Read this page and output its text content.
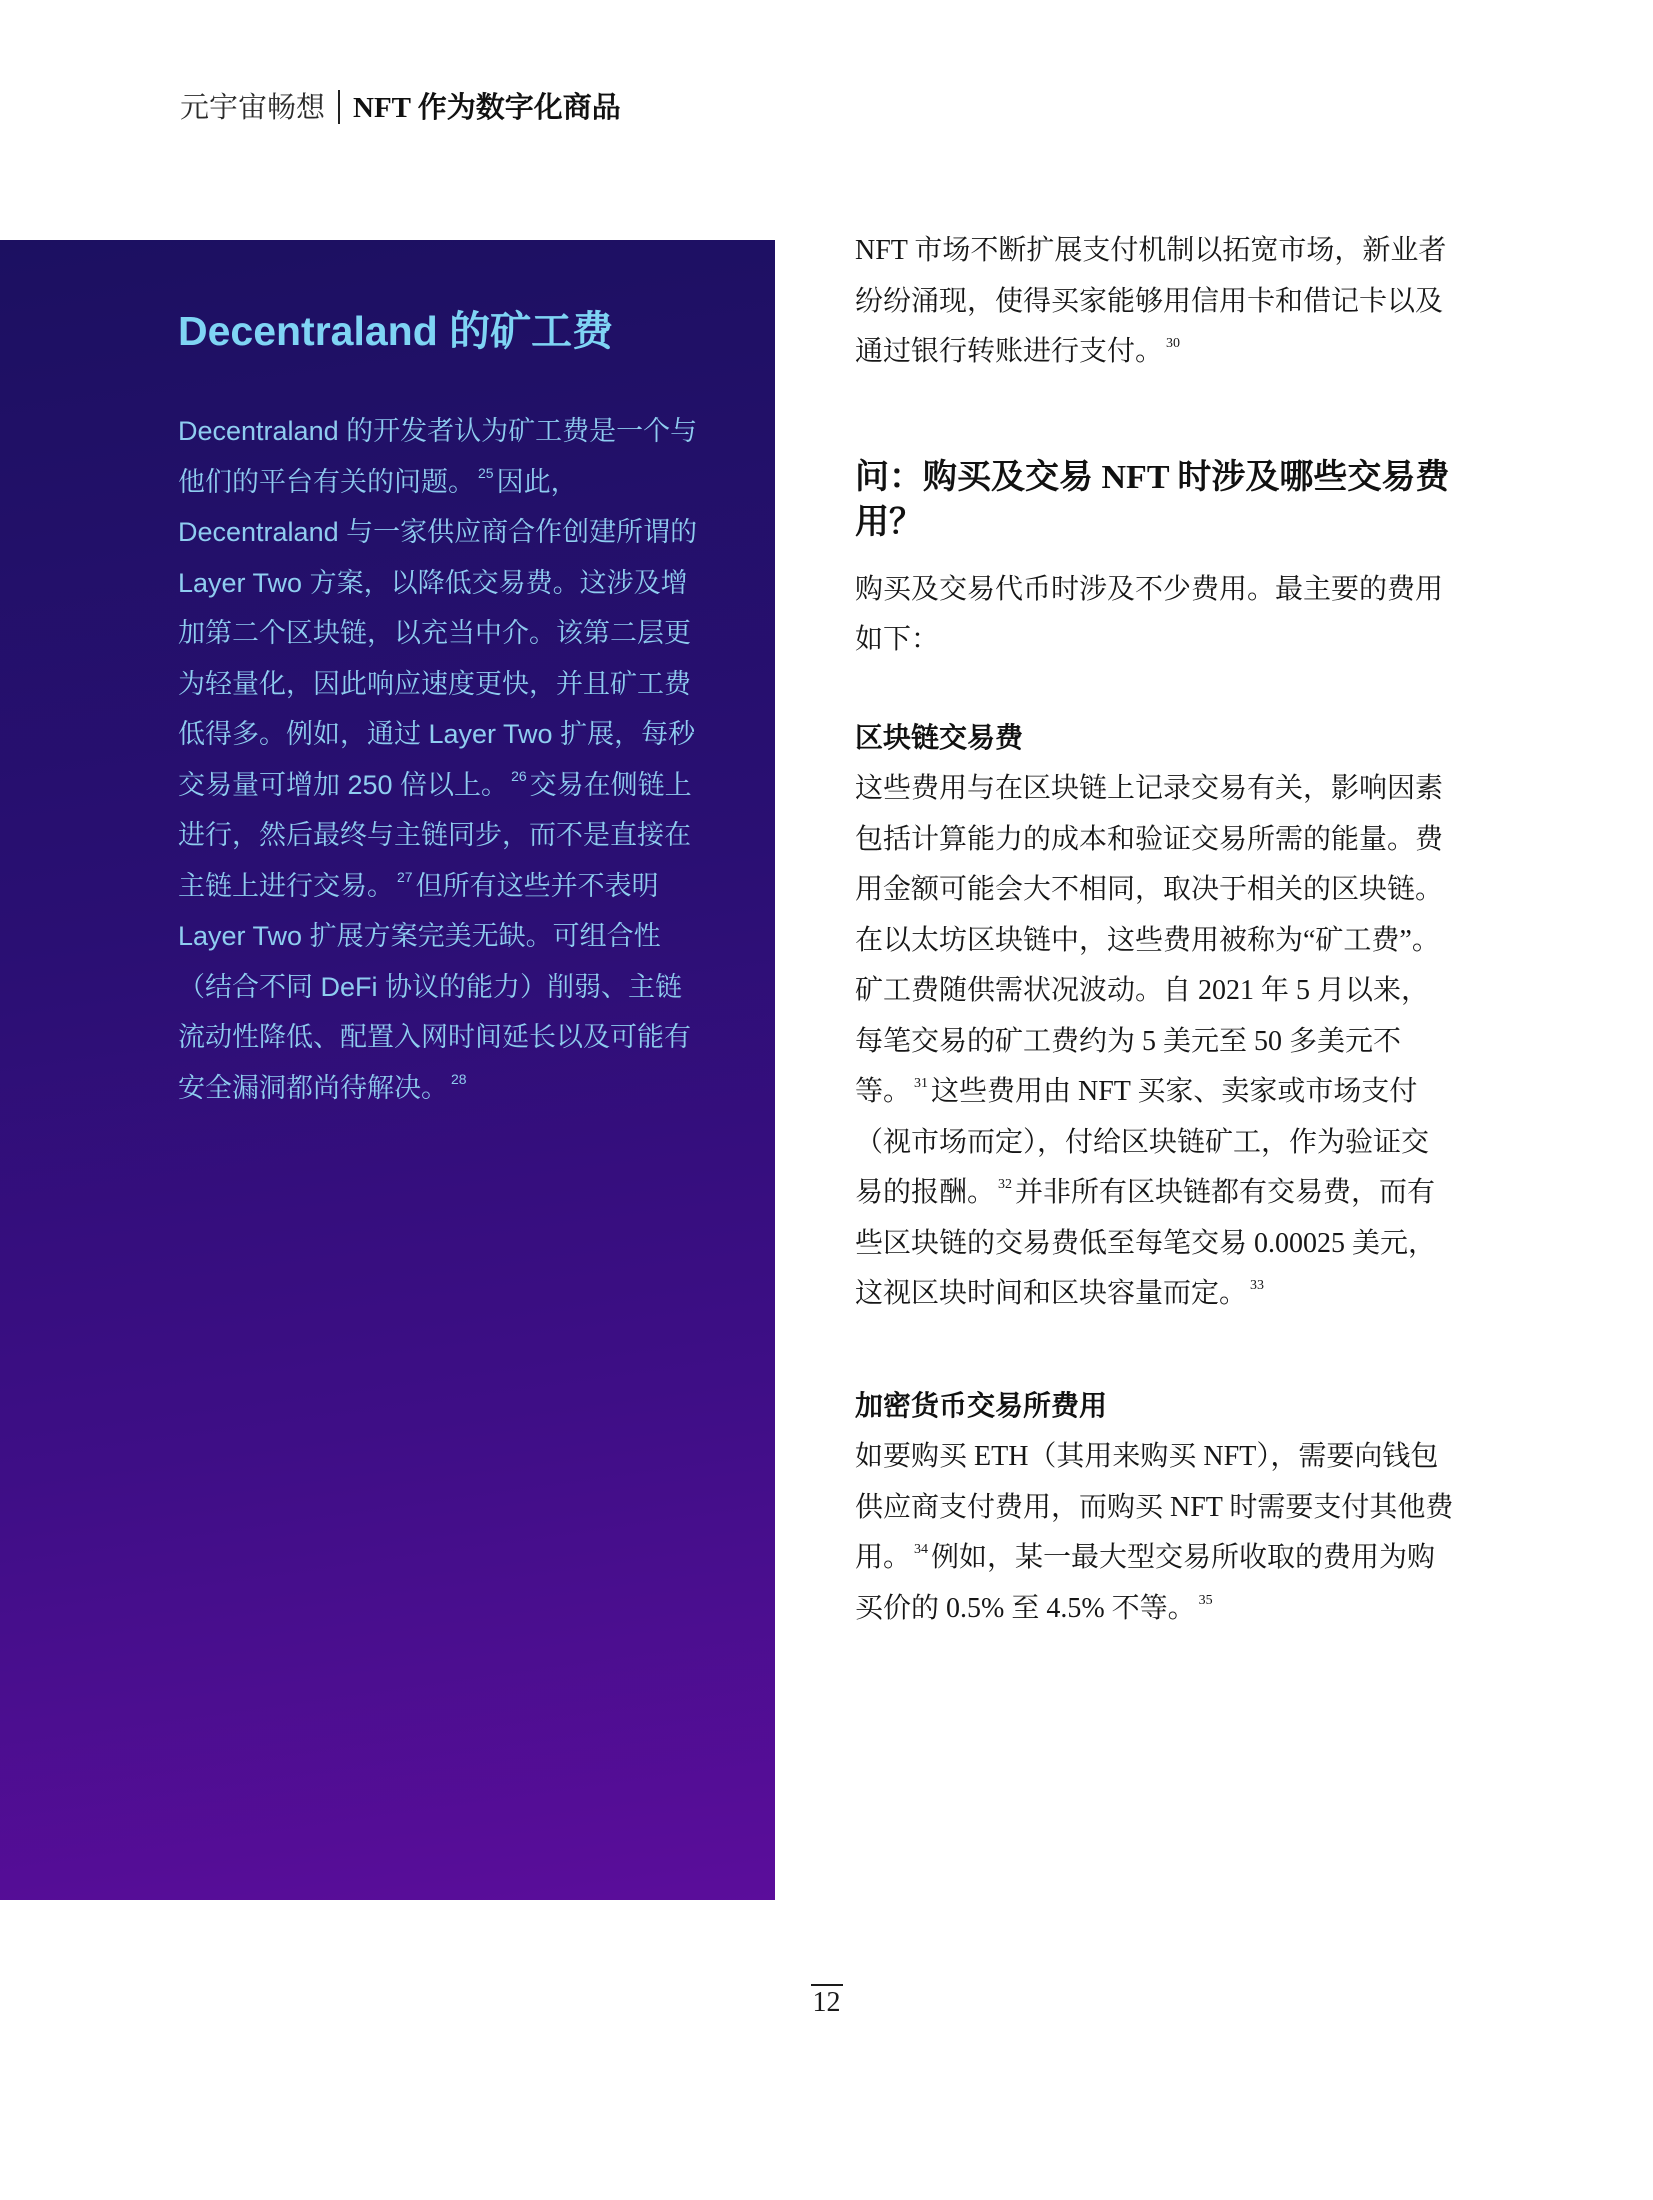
元宇宙畅想 NFT 作为数字化商品
Decentraland 的矿工费

Decentraland 的开发者认为矿工费是一个与他们的平台有关的问题。 $^{25}$ 因此，Decentraland 与一家供应商合作创建所谓的 Layer Two 方案，以降低交易费。这涉及增加第二个区块链，以充当中介。该第二层更为轻量化，因此响应速度更快，并且矿工费低得多。例如，通过 Layer Two 扩展，每秒交易量可增加 250 倍以上。 $^{26}$ 交易在侧链上进行，然后最终与主链同步，而不是直接在主链上进行交易。 $^{27}$ 但所有这些并不表明 Layer Two 扩展方案完美无缺。可组合性（结合不同 DeFi 协议的能力）削弱、主链流动性降低、配置入网时间延长以及可能有安全漏洞都尚待解决。 $^{28}$

NFT 市场不断扩展支付机制以拓宽市场，新业者纷纷涌现，使得买家能够用信用卡和借记卡以及通过银行转账进行支付。 $^{30}$

问：购买及交易 NFT 时涉及哪些交易费用？

购买及交易代币时涉及不少费用。最主要的费用如下：

区块链交易费

这些费用与在区块链上记录交易有关，影响因素包括计算能力的成本和验证交易所需的能量。费用金额可能会大不相同，取决于相关的区块链。在以太坊区块链中，这些费用被称为“矿工费”。矿工费随供需状况波动。自 2021 年 5 月以来，每笔交易的矿工费约为 5 美元至 50 多美元不等。 $^{31}$ 这些费用由 NFT 买家、卖家或市场支付（视市场而定），付给区块链矿工，作为验证交易的报酬。 $^{32}$ 并非所有区块链都有交易费，而有些区块链的交易费低至每笔交易 0.00025 美元，这视区块时间和区块容量而定。 $^{33}$

加密货币交易所费用

如要购买 ETH（其用来购买 NFT），需要向钱包供应商支付费用，而购买 NFT 时需要支付其他费用。 $^{34}$ 例如，某一最大型交易所收取的费用为购买价的 0.5% 至 4.5% 不等。 $^{35}$

12
